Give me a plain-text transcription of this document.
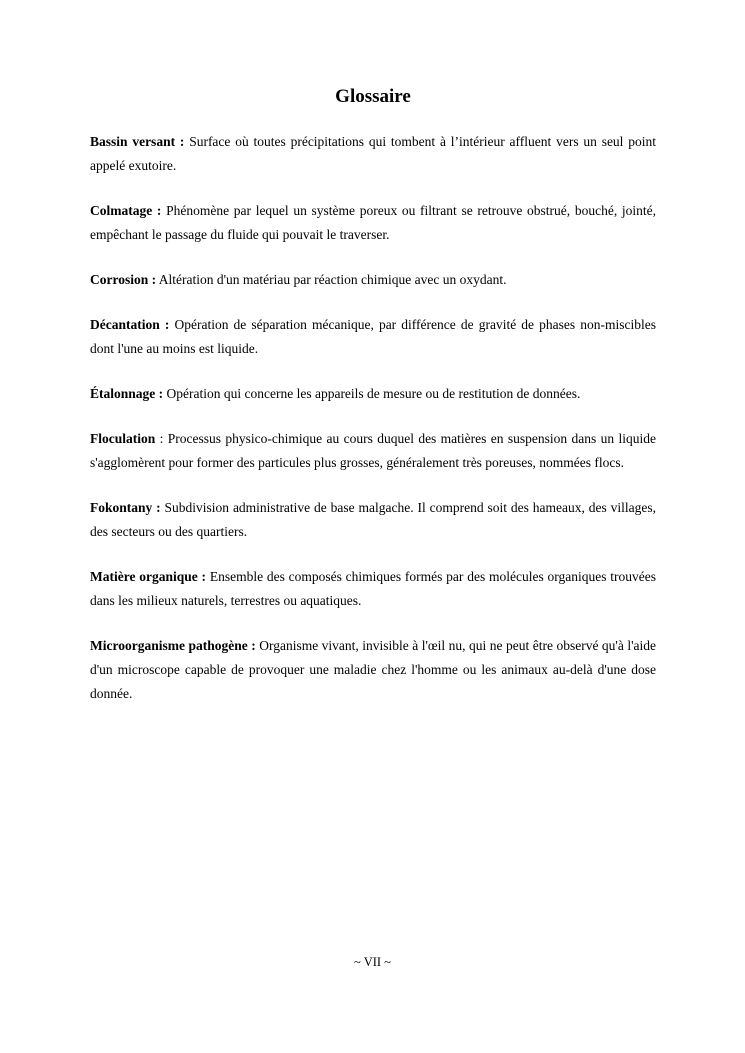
Glossaire

Bassin versant : Surface où toutes précipitations qui tombent à l’intérieur affluent vers un seul point appelé exutoire.

Colmatage : Phénomène par lequel un système poreux ou filtrant se retrouve obstrué, bouché, jointé, empêchant le passage du fluide qui pouvait le traverser.

Corrosion : Altération d'un matériau par réaction chimique avec un oxydant.

Décantation : Opération de séparation mécanique, par différence de gravité de phases non-miscibles dont l'une au moins est liquide.

Étalonnage : Opération qui concerne les appareils de mesure ou de restitution de données.

Floculation : Processus physico-chimique au cours duquel des matières en suspension dans un liquide s'agglomèrent pour former des particules plus grosses, généralement très poreuses, nommées flocs.

Fokontany : Subdivision administrative de base malgache. Il comprend soit des hameaux, des villages, des secteurs ou des quartiers.

Matière organique : Ensemble des composés chimiques formés par des molécules organiques trouvées dans les milieux naturels, terrestres ou aquatiques.

Microorganisme pathogène : Organisme vivant, invisible à l'œil nu, qui ne peut être observé qu'à l'aide d'un microscope capable de provoquer une maladie chez l'homme ou les animaux au-delà d'une dose donnée.

~ VII ~
